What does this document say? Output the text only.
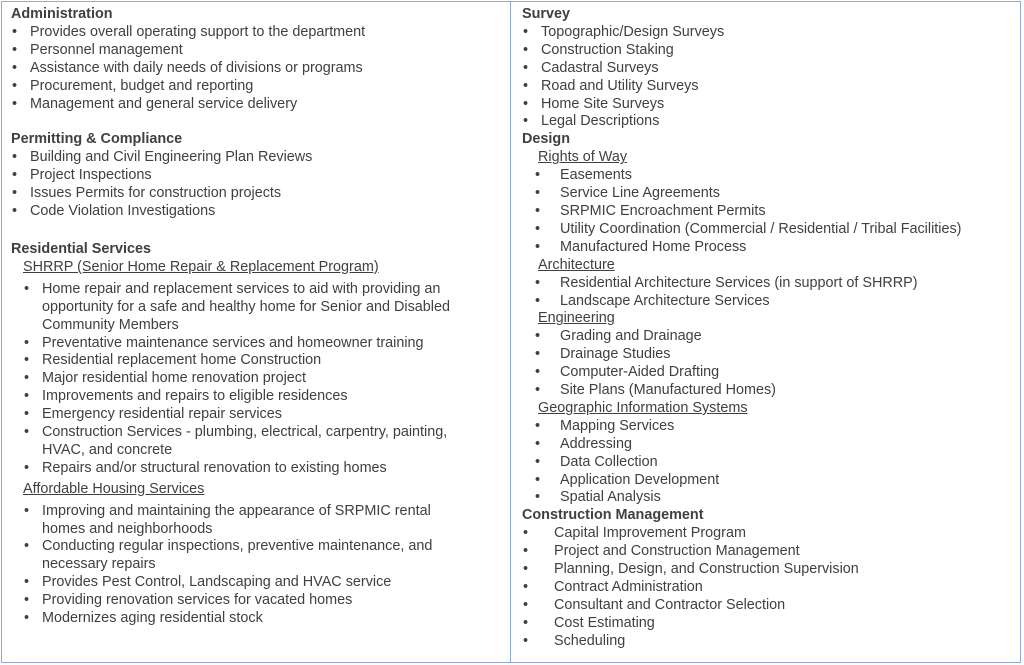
Administration
• Provides overall operating support to the department
• Personnel management
• Assistance with daily needs of divisions or programs
• Procurement, budget and reporting
• Management and general service delivery
Permitting & Compliance
• Building and Civil Engineering Plan Reviews
• Project Inspections
• Issues Permits for construction projects
• Code Violation Investigations
Residential Services
SHRRP (Senior Home Repair & Replacement Program)
• Home repair and replacement services to aid with providing an opportunity for a safe and healthy home for Senior and Disabled Community Members
• Preventative maintenance services and homeowner training
• Residential replacement home Construction
• Major residential home renovation project
• Improvements and repairs to eligible residences
• Emergency residential repair services
• Construction Services - plumbing, electrical, carpentry, painting, HVAC, and concrete
• Repairs and/or structural renovation to existing homes
Affordable Housing Services
• Improving and maintaining the appearance of SRPMIC rental homes and neighborhoods
• Conducting regular inspections, preventive maintenance, and necessary repairs
• Provides Pest Control, Landscaping and HVAC service
• Providing renovation services for vacated homes
• Modernizes aging residential stock
Survey
• Topographic/Design Surveys
• Construction Staking
• Cadastral Surveys
• Road and Utility Surveys
• Home Site Surveys
• Legal Descriptions
Design
Rights of Way
• Easements
• Service Line Agreements
• SRPMIC Encroachment Permits
• Utility Coordination (Commercial / Residential / Tribal Facilities)
• Manufactured Home Process
Architecture
• Residential Architecture Services (in support of SHRRP)
• Landscape Architecture Services
Engineering
• Grading and Drainage
• Drainage Studies
• Computer-Aided Drafting
• Site Plans (Manufactured Homes)
Geographic Information Systems
• Mapping Services
• Addressing
• Data Collection
• Application Development
• Spatial Analysis
Construction Management
• Capital Improvement Program
• Project and Construction Management
• Planning, Design, and Construction Supervision
• Contract Administration
• Consultant and Contractor Selection
• Cost Estimating
• Scheduling
